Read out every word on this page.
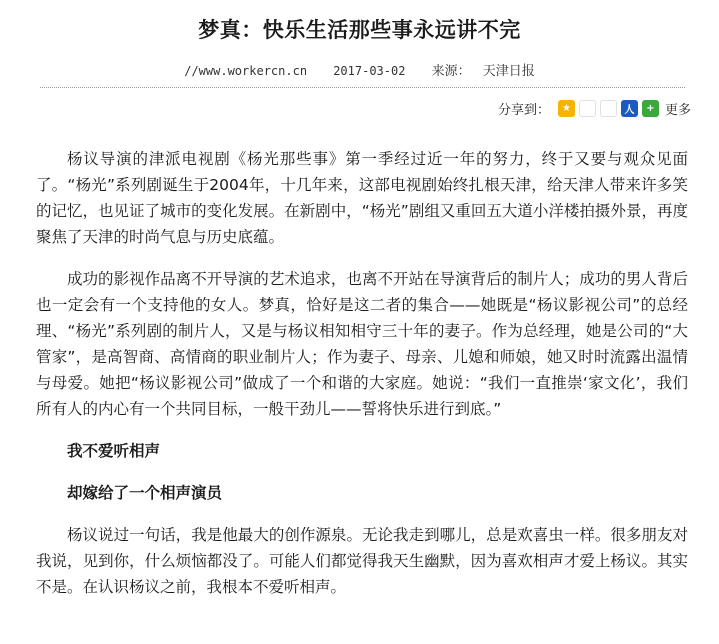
梦真：快乐生活那些事永远讲不完
//www.workercn.cn 2017-03-02 来源： 天津日报
分享到：	★	◉	✿	人	+ 更多

杨议导演的津派电视剧《杨光那些事》第一季经过近一年的努力，终于又要与观众见面了。“杨光”系列剧诞生于2004年，十几年来，这部电视剧始终扎根天津，给天津人带来许多笑的记忆，也见证了城市的变化发展。在新剧中，“杨光”剧组又重回五大道小洋楼拍摄外景，再度聚焦了天津的时尚气息与历史底蕴。

成功的影视作品离不开导演的艺术追求，也离不开站在导演背后的制片人；成功的男人背后也一定会有一个支持他的女人。梦真，恰好是这二者的集合——她既是“杨议影视公司”的总经理、“杨光”系列剧的制片人，又是与杨议相知相守三十年的妻子。作为总经理，她是公司的“大管家”，是高智商、高情商的职业制片人；作为妻子、母亲、儿媳和师娘，她又时时流露出温情与母爱。她把“杨议影视公司”做成了一个和谐的大家庭。她说：“我们一直推崇‘家文化’，我们所有人的内心有一个共同目标，一般干劲儿——誓将快乐进行到底。”

我不爱听相声

却嫁给了一个相声演员

杨议说过一句话，我是他最大的创作源泉。无论我走到哪儿，总是欢喜虫一样。很多朋友对我说，见到你，什么烦恼都没了。可能人们都觉得我天生幽默，因为喜欢相声才爱上杨议。其实不是。在认识杨议之前，我根本不爱听相声。
